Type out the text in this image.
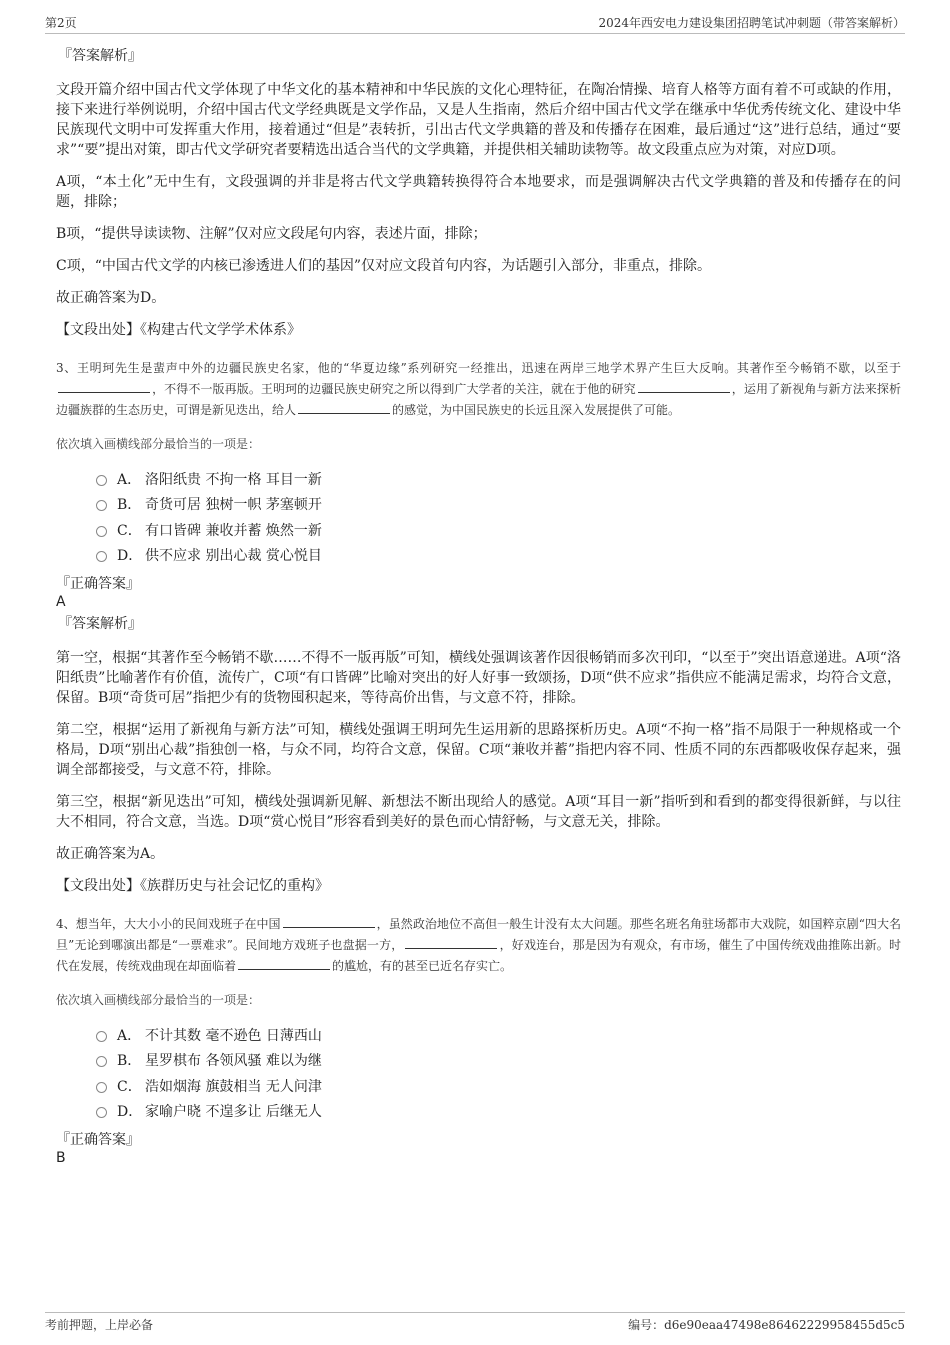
第2页	2024年西安电力建设集团招聘笔试冲刺题（带答案解析）
『答案解析』

文段开篇介绍中国古代文学体现了中华文化的基本精神和中华民族的文化心理特征，在陶冶情操、培育人格等方面有着不可或缺的作用，接下来进行举例说明，介绍中国古代文学经典既是文学作品，又是人生指南，然后介绍中国古代文学在继承中华优秀传统文化、建设中华民族现代文明中可发挥重大作用，接着通过“但是”表转折，引出古代文学典籍的普及和传播存在困难，最后通过“这”进行总结，通过“要求”“要”提出对策，即古代文学研究者要精选出适合当代的文学典籍，并提供相关辅助读物等。故文段重点应为对策，对应D项。

A项，“本土化”无中生有，文段强调的并非是将古代文学典籍转换得符合本地要求，而是强调解决古代文学典籍的普及和传播存在的问题，排除；

B项，“提供导读读物、注解”仅对应文段尾句内容，表述片面，排除；

C项，“中国古代文学的内核已渗透进人们的基因”仅对应文段首句内容，为话题引入部分，非重点，排除。

故正确答案为D。

【文段出处】《构建古代文学学术体系》

3、王明珂先生是蜚声中外的边疆民族史名家，他的“华夏边缘”系列研究一经推出，迅速在两岸三地学术界产生巨大反响。其著作至今畅销不歇，以至于，不得不一版再版。王明珂的边疆民族史研究之所以得到广大学者的关注，就在于他的研究	，运用了新视角与新方法来探析边疆族群的生态历史，可谓是新见迭出，给人	的感觉，为中国民族史的长远且深入发展提供了可能。

依次填入画横线部分最恰当的一项是：

A． 洛阳纸贵 不拘一格 耳目一新
B． 奇货可居 独树一帜 茅塞顿开
C． 有口皆碑 兼收并蓄 焕然一新
D． 供不应求 别出心裁 赏心悦目
『正确答案』
A
『答案解析』

第一空，根据“其著作至今畅销不歇……不得不一版再版”可知，横线处强调该著作因很畅销而多次刊印，“以至于”突出语意递进。A项“洛阳纸贵”比喻著作有价值，流传广，C项“有口皆碑”比喻对突出的好人好事一致颂扬，D项“供不应求”指供应不能满足需求，均符合文意，保留。B项“奇货可居”指把少有的货物囤积起来，等待高价出售，与文意不符，排除。

第二空，根据“运用了新视角与新方法”可知，横线处强调王明珂先生运用新的思路探析历史。A项“不拘一格”指不局限于一种规格或一个格局，D项“别出心裁”指独创一格，与众不同，均符合文意，保留。C项“兼收并蓄”指把内容不同、性质不同的东西都吸收保存起来，强调全部都接受，与文意不符，排除。

第三空，根据“新见迭出”可知，横线处强调新见解、新想法不断出现给人的感觉。A项“耳目一新”指听到和看到的都变得很新鲜，与以往大不相同，符合文意，当选。D项“赏心悦目”形容看到美好的景色而心情舒畅，与文意无关，排除。

故正确答案为A。

【文段出处】《族群历史与社会记忆的重构》

4、想当年，大大小小的民间戏班子在中国	，虽然政治地位不高但一般生计没有太大问题。那些名班名角驻场都市大戏院，如国粹京剧“四大名旦”无论到哪演出都是“一票难求”。民间地方戏班子也盘据一方，	，好戏连台，那是因为有观众，有市场，催生了中国传统戏曲推陈出新。时代在发展，传统戏曲现在却面临着	的尴尬，有的甚至已近名存实亡。

依次填入画横线部分最恰当的一项是：

A． 不计其数 毫不逊色 日薄西山
B． 星罗棋布 各领风骚 难以为继
C． 浩如烟海 旗鼓相当 无人问津
D． 家喻户晓 不遑多让 后继无人
『正确答案』
B
考前押题，上岸必备	编号：d6e90eaa47498e86462229958455d5c5
